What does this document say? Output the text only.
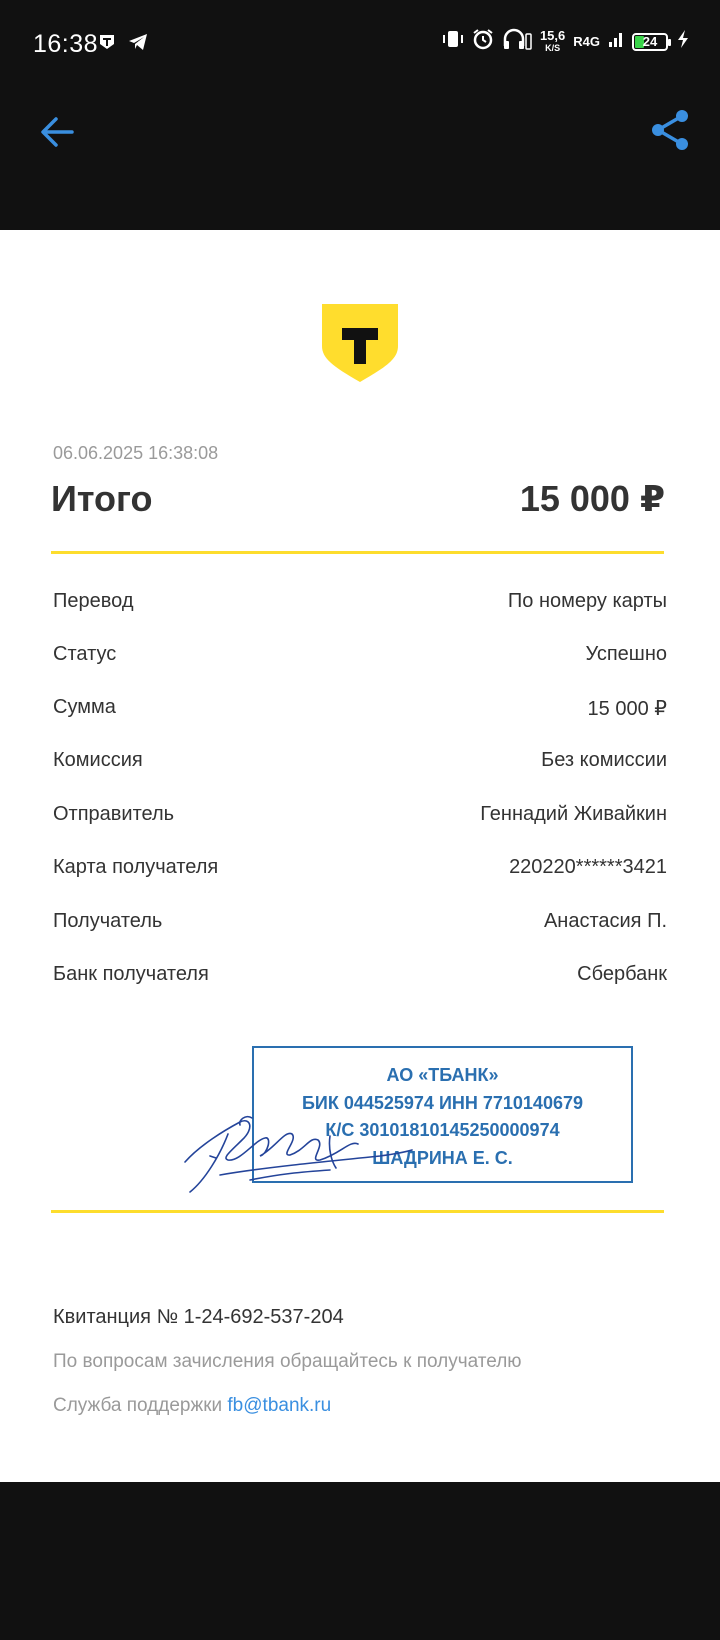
16:38	15,6
K/S	R4G	24
06.06.2025 16:38:08
Итого	15 000 ₽
Перевод	По номеру карты
Статус	Успешно
Сумма	15 000 ₽
Комиссия	Без комиссии
Отправитель	Геннадий Живайкин
Карта получателя	220220******3421
Получатель	Анастасия П.
Банк получателя	Сбербанк
АО «ТБАНК»
БИК 044525974 ИНН 7710140679
К/С 30101810145250000974
ШАДРИНА Е. С.
Квитанция № 1-24-692-537-204
По вопросам зачисления обращайтесь к получателю
Служба поддержки fb@tbank.ru
